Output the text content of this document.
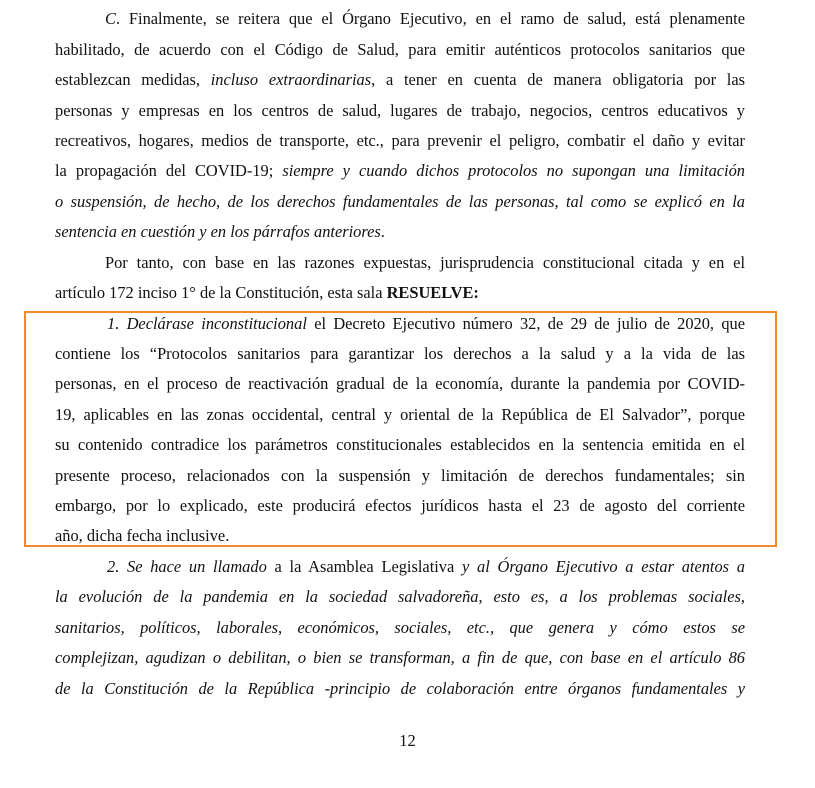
C. Finalmente, se reitera que el Órgano Ejecutivo, en el ramo de salud, está plenamente
habilitado, de acuerdo con el Código de Salud, para emitir auténticos protocolos sanitarios que
establezcan medidas, incluso extraordinarias, a tener en cuenta de manera obligatoria por las
personas y empresas en los centros de salud, lugares de trabajo, negocios, centros educativos y
recreativos, hogares, medios de transporte, etc., para prevenir el peligro, combatir el daño y evitar
la propagación del COVID-19; siempre y cuando dichos protocolos no supongan una limitación
o suspensión, de hecho, de los derechos fundamentales de las personas, tal como se explicó en la
sentencia en cuestión y en los párrafos anteriores.
Por tanto, con base en las razones expuestas, jurisprudencia constitucional citada y en el
artículo 172 inciso 1° de la Constitución, esta sala RESUELVE:
1. Declárase inconstitucional el Decreto Ejecutivo número 32, de 29 de julio de 2020, que
contiene los “Protocolos sanitarios para garantizar los derechos a la salud y a la vida de las
personas, en el proceso de reactivación gradual de la economía, durante la pandemia por COVID-
19, aplicables en las zonas occidental, central y oriental de la República de El Salvador”, porque
su contenido contradice los parámetros constitucionales establecidos en la sentencia emitida en el
presente proceso, relacionados con la suspensión y limitación de derechos fundamentales; sin
embargo, por lo explicado, este producirá efectos jurídicos hasta el 23 de agosto del corriente
año, dicha fecha inclusive.
2. Se hace un llamado a la Asamblea Legislativa y al Órgano Ejecutivo a estar atentos a
la evolución de la pandemia en la sociedad salvadoreña, esto es, a los problemas sociales,
sanitarios, políticos, laborales, económicos, sociales, etc., que genera y cómo estos se
complejizan, agudizan o debilitan, o bien se transforman, a fin de que, con base en el artículo 86
de la Constitución de la República -principio de colaboración entre órganos fundamentales y
12
